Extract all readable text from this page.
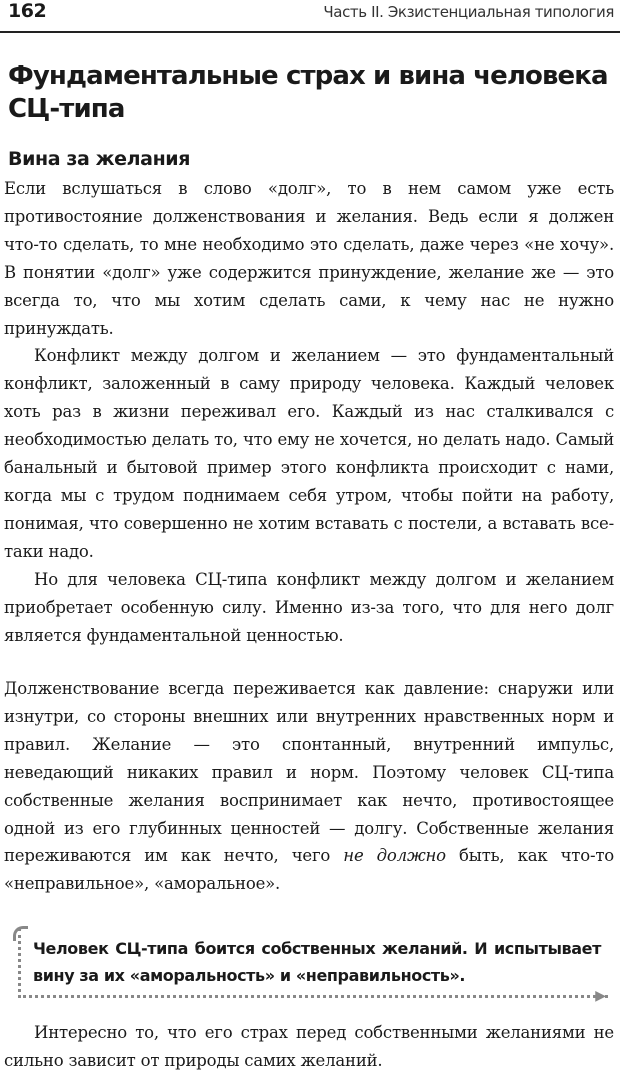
162	Часть II. Экзистенциальная типология
Фундаментальные страх и вина человека СЦ-типа
Вина за желания

Если вслушаться в слово «долг», то в нем самом уже есть противостояние долженствования и желания. Ведь если я должен что-то сделать, то мне необходимо это сделать, даже через «не хочу». В понятии «долг» уже содержится принуждение, желание же — это всегда то, что мы хотим сделать сами, к чему нас не нужно принуждать.

Конфликт между долгом и желанием — это фундаментальный конфликт, заложенный в саму природу человека. Каждый человек хоть раз в жизни переживал его. Каждый из нас сталкивался с необходимостью делать то, что ему не хочется, но делать надо. Самый банальный и бытовой пример этого конфликта происходит с нами, когда мы с трудом поднимаем себя утром, чтобы пойти на работу, понимая, что совершенно не хотим вставать с постели, а вставать все-таки надо.

Но для человека СЦ-типа конфликт между долгом и желанием приобретает особенную силу. Именно из-за того, что для него долг является фундаментальной ценностью.

Долженствование всегда переживается как давление: снаружи или изнутри, со стороны внешних или внутренних нравственных норм и правил. Желание — это спонтанный, внутренний импульс, неведающий никаких правил и норм. Поэтому человек СЦ-типа собственные желания воспринимает как нечто, противостоящее одной из его глубинных ценностей — долгу. Собственные желания переживаются им как нечто, чего не должно быть, как что-то «неправильное», «аморальное».

Человек СЦ-типа боится собственных желаний. И испытывает вину за их «аморальность» и «неправильность».

▶

Интересно то, что его страх перед собственными желаниями не сильно зависит от природы самих желаний.
